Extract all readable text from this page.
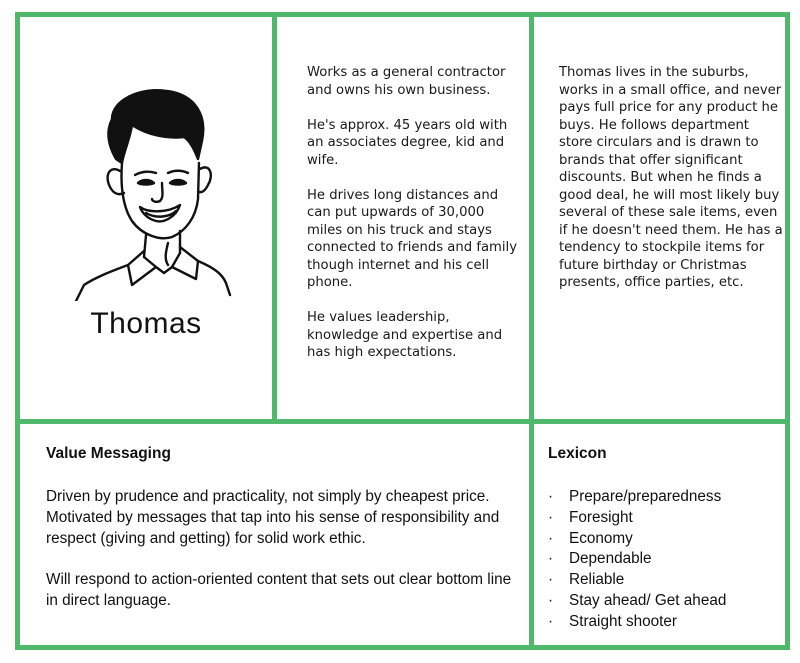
Thomas

Works as a general contractor and owns his own business.

He's approx. 45 years old with an associates degree, kid and wife.

He drives long distances and can put upwards of 30,000 miles on his truck and stays connected to friends and family though internet and his cell phone.

He values leadership, knowledge and expertise and has high expectations.

Thomas lives in the suburbs, works in a small office, and never pays full price for any product he buys. He follows department store circulars and is drawn to brands that offer significant discounts. But when he finds a good deal, he will most likely buy several of these sale items, even if he doesn't need them. He has a tendency to stockpile items for future birthday or Christmas presents, office parties, etc.

Value Messaging

Driven by prudence and practicality, not simply by cheapest price. Motivated by messages that tap into his sense of responsibility and respect (giving and getting) for solid work ethic.

Will respond to action-oriented content that sets out clear bottom line in direct language.

Lexicon
·	Prepare/preparedness
·	Foresight
·	Economy
·	Dependable
·	Reliable
·	Stay ahead/ Get ahead
·	Straight shooter
